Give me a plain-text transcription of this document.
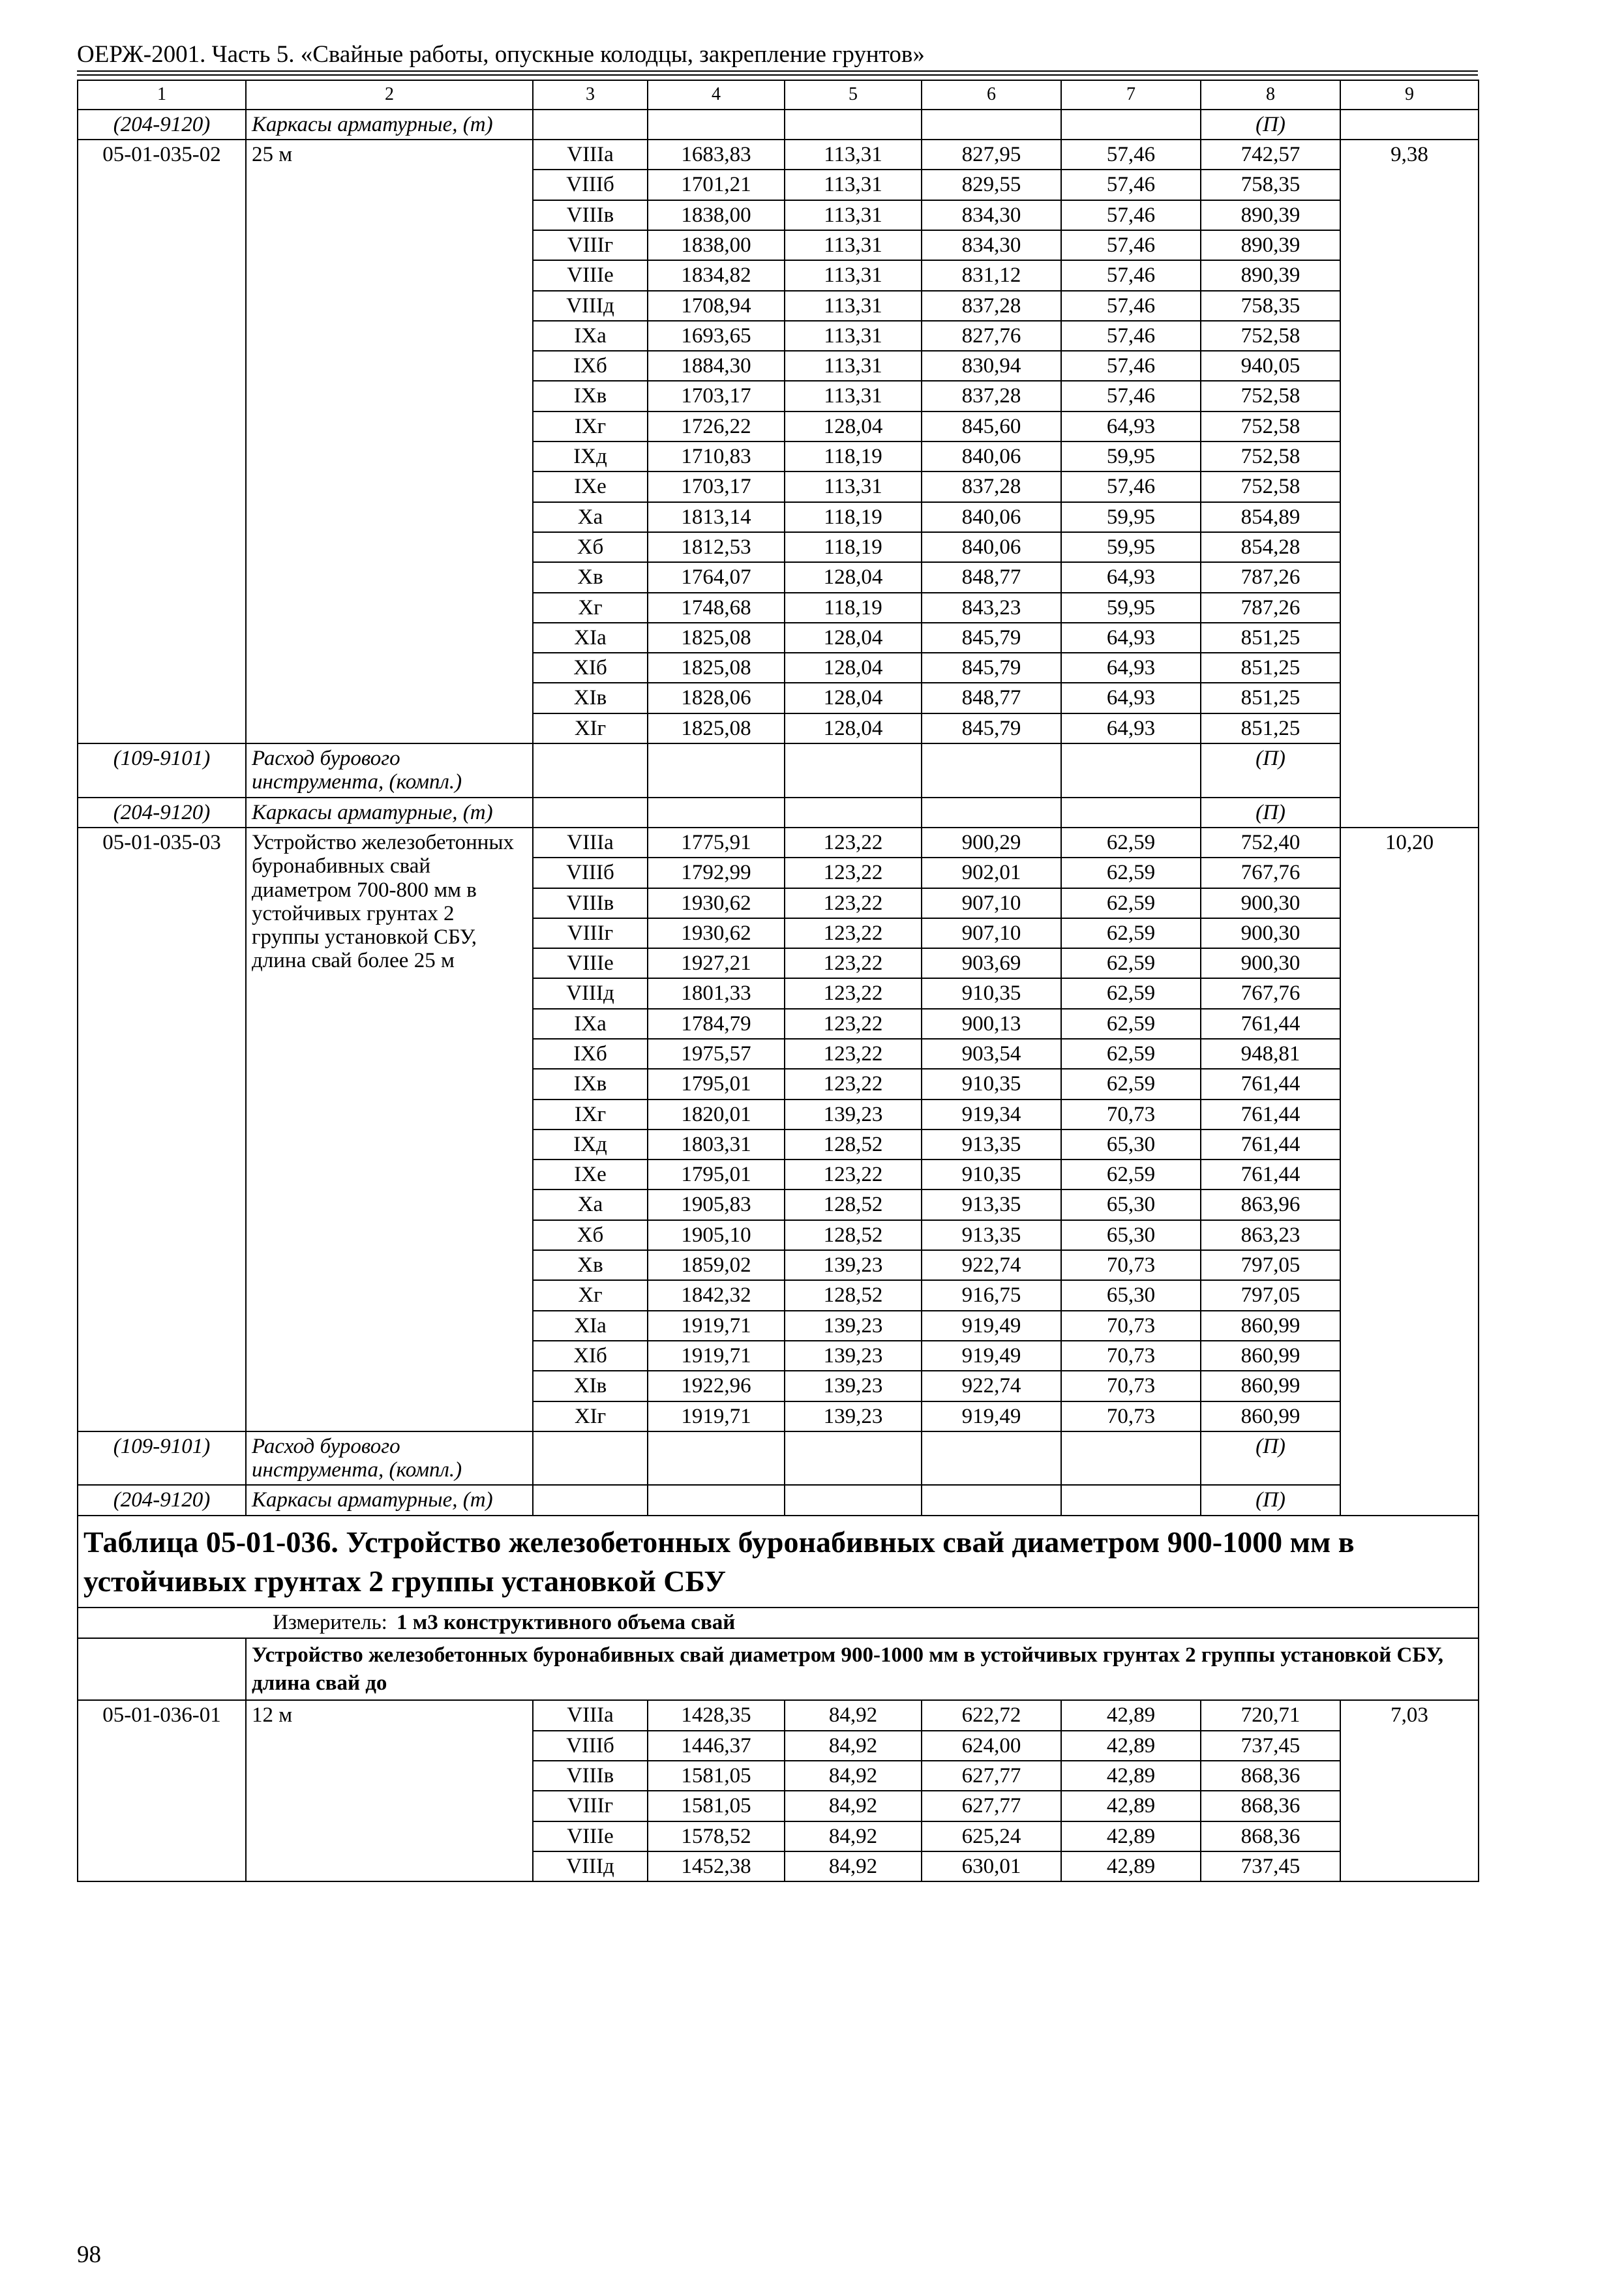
ОЕРЖ-2001. Часть 5. «Свайные работы, опускные колодцы, закрепление грунтов»
1	2	3	4	5	6	7	8	9
(204-9120)	Каркасы арматурные, (т)						(П)	
05-01-035-02	25 м	VIIIа	1683,83	113,31	827,95	57,46	742,57	9,38
		VIIIб	1701,21	113,31	829,55	57,46	758,35	
		VIIIв	1838,00	113,31	834,30	57,46	890,39	
		VIIIг	1838,00	113,31	834,30	57,46	890,39	
		VIIIе	1834,82	113,31	831,12	57,46	890,39	
		VIIIд	1708,94	113,31	837,28	57,46	758,35	
		IXа	1693,65	113,31	827,76	57,46	752,58	
		IXб	1884,30	113,31	830,94	57,46	940,05	
		IXв	1703,17	113,31	837,28	57,46	752,58	
		IXг	1726,22	128,04	845,60	64,93	752,58	
		IXд	1710,83	118,19	840,06	59,95	752,58	
		IXе	1703,17	113,31	837,28	57,46	752,58	
		Xа	1813,14	118,19	840,06	59,95	854,89	
		Xб	1812,53	118,19	840,06	59,95	854,28	
		Xв	1764,07	128,04	848,77	64,93	787,26	
		Xг	1748,68	118,19	843,23	59,95	787,26	
		XIа	1825,08	128,04	845,79	64,93	851,25	
		XIб	1825,08	128,04	845,79	64,93	851,25	
		XIв	1828,06	128,04	848,77	64,93	851,25	
		XIг	1825,08	128,04	845,79	64,93	851,25	
(109-9101)	Расход бурового инструмента, (компл.)						(П)	
(204-9120)	Каркасы арматурные, (т)						(П)	
05-01-035-03	Устройство железобетонных буронабивных свай диаметром 700-800 мм в устойчивых грунтах 2 группы установкой СБУ, длина свай более 25 м	VIIIа	1775,91	123,22	900,29	62,59	752,40	10,20
		VIIIб	1792,99	123,22	902,01	62,59	767,76	
		VIIIв	1930,62	123,22	907,10	62,59	900,30	
		VIIIг	1930,62	123,22	907,10	62,59	900,30	
		VIIIе	1927,21	123,22	903,69	62,59	900,30	
		VIIIд	1801,33	123,22	910,35	62,59	767,76	
		IXа	1784,79	123,22	900,13	62,59	761,44	
		IXб	1975,57	123,22	903,54	62,59	948,81	
		IXв	1795,01	123,22	910,35	62,59	761,44	
		IXг	1820,01	139,23	919,34	70,73	761,44	
		IXд	1803,31	128,52	913,35	65,30	761,44	
		IXе	1795,01	123,22	910,35	62,59	761,44	
		Xа	1905,83	128,52	913,35	65,30	863,96	
		Xб	1905,10	128,52	913,35	65,30	863,23	
		Xв	1859,02	139,23	922,74	70,73	797,05	
		Xг	1842,32	128,52	916,75	65,30	797,05	
		XIа	1919,71	139,23	919,49	70,73	860,99	
		XIб	1919,71	139,23	919,49	70,73	860,99	
		XIв	1922,96	139,23	922,74	70,73	860,99	
		XIг	1919,71	139,23	919,49	70,73	860,99	
(109-9101)	Расход бурового инструмента, (компл.)						(П)	
(204-9120)	Каркасы арматурные, (т)						(П)	
Таблица 05-01-036. Устройство железобетонных буронабивных свай диаметром 900-1000 мм в устойчивых грунтах 2 группы установкой СБУ								
Измеритель: 1 м3 конструктивного объема свай								
	Устройство железобетонных буронабивных свай диаметром 900-1000 мм в устойчивых грунтах 2 группы установкой СБУ, длина свай до							
05-01-036-01	12 м	VIIIа	1428,35	84,92	622,72	42,89	720,71	7,03
		VIIIб	1446,37	84,92	624,00	42,89	737,45	
		VIIIв	1581,05	84,92	627,77	42,89	868,36	
		VIIIг	1581,05	84,92	627,77	42,89	868,36	
		VIIIе	1578,52	84,92	625,24	42,89	868,36	
		VIIIд	1452,38	84,92	630,01	42,89	737,45	
98
